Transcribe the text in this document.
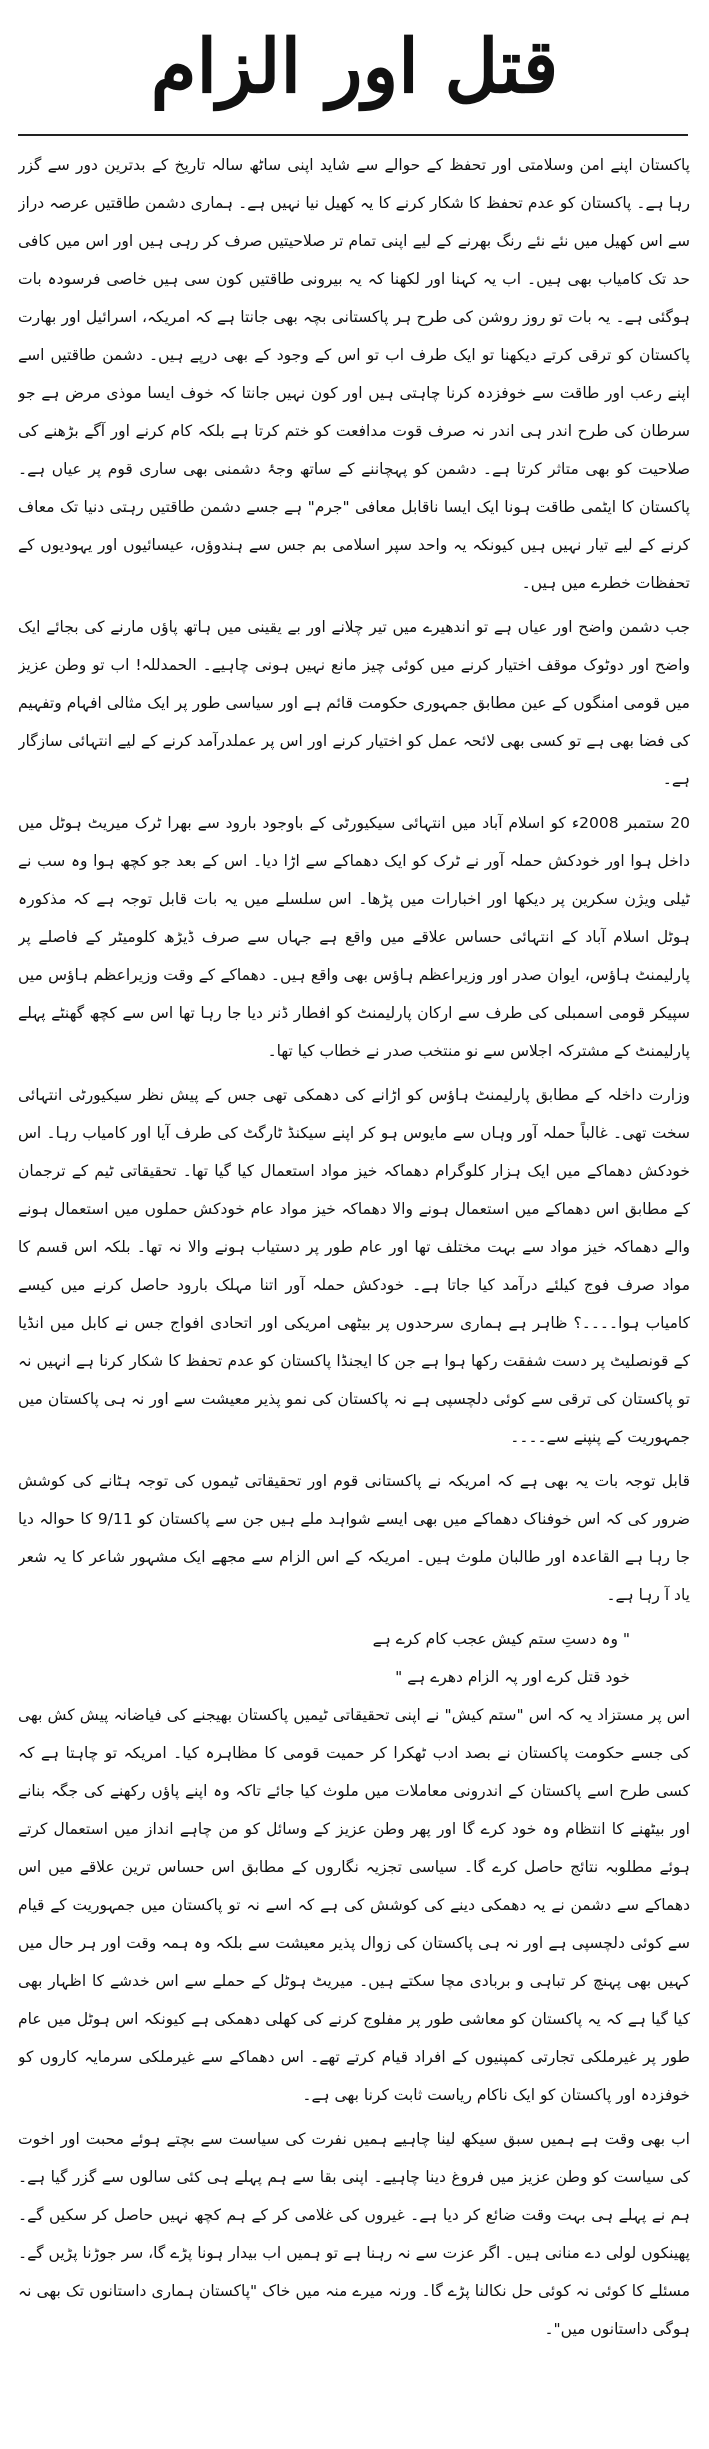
قتل اور الزام

پاکستان اپنے امن وسلامتی اور تحفظ کے حوالے سے شاید اپنی ساٹھ سالہ تاریخ کے بدترین دور سے گزر رہا ہے۔ پاکستان کو عدم تحفظ کا شکار کرنے کا یہ کھیل نیا نہیں ہے۔ ہماری دشمن طاقتیں عرصہ دراز سے اس کھیل میں نئے نئے رنگ بھرنے کے لیے اپنی تمام تر صلاحیتیں صرف کر رہی ہیں اور اس میں کافی حد تک کامیاب بھی ہیں۔ اب یہ کہنا اور لکھنا کہ یہ بیرونی طاقتیں کون سی ہیں خاصی فرسودہ بات ہوگئی ہے۔ یہ بات تو روز روشن کی طرح ہر پاکستانی بچہ بھی جانتا ہے کہ امریکہ، اسرائیل اور بھارت پاکستان کو ترقی کرتے دیکھنا تو ایک طرف اب تو اس کے وجود کے بھی درپے ہیں۔ دشمن طاقتیں اسے اپنے رعب اور طاقت سے خوفزدہ کرنا چاہتی ہیں اور کون نہیں جانتا کہ خوف ایسا موذی مرض ہے جو سرطان کی طرح اندر ہی اندر نہ صرف قوت مدافعت کو ختم کرتا ہے بلکہ کام کرنے اور آگے بڑھنے کی صلاحیت کو بھی متاثر کرتا ہے۔ دشمن کو پہچاننے کے ساتھ وجۂ دشمنی بھی ساری قوم پر عیاں ہے۔ پاکستان کا ایٹمی طاقت ہونا ایک ایسا ناقابل معافی "جرم" ہے جسے دشمن طاقتیں رہتی دنیا تک معاف کرنے کے لیے تیار نہیں ہیں کیونکہ یہ واحد سپر اسلامی بم جس سے ہندوؤں، عیسائیوں اور یہودیوں کے تحفظات خطرے میں ہیں۔

جب دشمن واضح اور عیاں ہے تو اندھیرے میں تیر چلانے اور بے یقینی میں ہاتھ پاؤں مارنے کی بجائے ایک واضح اور دوٹوک موقف اختیار کرنے میں کوئی چیز مانع نہیں ہونی چاہیے۔ الحمدللہ! اب تو وطن عزیز میں قومی امنگوں کے عین مطابق جمہوری حکومت قائم ہے اور سیاسی طور پر ایک مثالی افہام وتفہیم کی فضا بھی ہے تو کسی بھی لائحہ عمل کو اختیار کرنے اور اس پر عملدرآمد کرنے کے لیے انتہائی سازگار ہے۔

20 ستمبر 2008ء کو اسلام آباد میں انتہائی سیکیورٹی کے باوجود بارود سے بھرا ٹرک میریٹ ہوٹل میں داخل ہوا اور خودکش حملہ آور نے ٹرک کو ایک دھماکے سے اڑا دیا۔ اس کے بعد جو کچھ ہوا وہ سب نے ٹیلی ویژن سکرین پر دیکھا اور اخبارات میں پڑھا۔ اس سلسلے میں یہ بات قابل توجہ ہے کہ مذکورہ ہوٹل اسلام آباد کے انتہائی حساس علاقے میں واقع ہے جہاں سے صرف ڈیڑھ کلومیٹر کے فاصلے پر پارلیمنٹ ہاؤس، ایوان صدر اور وزیراعظم ہاؤس بھی واقع ہیں۔ دھماکے کے وقت وزیراعظم ہاؤس میں سپیکر قومی اسمبلی کی طرف سے ارکان پارلیمنٹ کو افطار ڈنر دیا جا رہا تھا اس سے کچھ گھنٹے پہلے پارلیمنٹ کے مشترکہ اجلاس سے نو منتخب صدر نے خطاب کیا تھا۔

وزارت داخلہ کے مطابق پارلیمنٹ ہاؤس کو اڑانے کی دھمکی تھی جس کے پیش نظر سیکیورٹی انتہائی سخت تھی۔ غالباً حملہ آور وہاں سے مایوس ہو کر اپنے سیکنڈ ٹارگٹ کی طرف آیا اور کامیاب رہا۔ اس خودکش دھماکے میں ایک ہزار کلوگرام دھماکہ خیز مواد استعمال کیا گیا تھا۔ تحقیقاتی ٹیم کے ترجمان کے مطابق اس دھماکے میں استعمال ہونے والا دھماکہ خیز مواد عام خودکش حملوں میں استعمال ہونے والے دھماکہ خیز مواد سے بہت مختلف تھا اور عام طور پر دستیاب ہونے والا نہ تھا۔ بلکہ اس قسم کا مواد صرف فوج کیلئے درآمد کیا جاتا ہے۔ خودکش حملہ آور اتنا مہلک بارود حاصل کرنے میں کیسے کامیاب ہوا۔۔۔۔؟ ظاہر ہے ہماری سرحدوں پر بیٹھی امریکی اور اتحادی افواج جس نے کابل میں انڈیا کے قونصلیٹ پر دست شفقت رکھا ہوا ہے جن کا ایجنڈا پاکستان کو عدم تحفظ کا شکار کرنا ہے انہیں نہ تو پاکستان کی ترقی سے کوئی دلچسپی ہے نہ پاکستان کی نمو پذیر معیشت سے اور نہ ہی پاکستان میں جمہوریت کے پنپنے سے۔۔۔۔

قابل توجہ بات یہ بھی ہے کہ امریکہ نے پاکستانی قوم اور تحقیقاتی ٹیموں کی توجہ ہٹانے کی کوشش ضرور کی کہ اس خوفناک دھماکے میں بھی ایسے شواہد ملے ہیں جن سے پاکستان کو 9/11 کا حوالہ دیا جا رہا ہے القاعدہ اور طالبان ملوث ہیں۔ امریکہ کے اس الزام سے مجھے ایک مشہور شاعر کا یہ شعر یاد آ رہا ہے۔

" وہ دستِ ستم کیش عجب کام کرے ہے

خود قتل کرے اور پہ الزام دھرے ہے "

اس پر مستزاد یہ کہ اس "ستم کیش" نے اپنی تحقیقاتی ٹیمیں پاکستان بھیجنے کی فیاضانہ پیش کش بھی کی جسے حکومت پاکستان نے بصد ادب ٹھکرا کر حمیت قومی کا مظاہرہ کیا۔ امریکہ تو چاہتا ہے کہ کسی طرح اسے پاکستان کے اندرونی معاملات میں ملوث کیا جائے تاکہ وہ اپنے پاؤں رکھنے کی جگہ بنانے اور بیٹھنے کا انتظام وہ خود کرے گا اور پھر وطن عزیز کے وسائل کو من چاہے انداز میں استعمال کرتے ہوئے مطلوبہ نتائج حاصل کرے گا۔ سیاسی تجزیہ نگاروں کے مطابق اس حساس ترین علاقے میں اس دھماکے سے دشمن نے یہ دھمکی دینے کی کوشش کی ہے کہ اسے نہ تو پاکستان میں جمہوریت کے قیام سے کوئی دلچسپی ہے اور نہ ہی پاکستان کی زوال پذیر معیشت سے بلکہ وہ ہمہ وقت اور ہر حال میں کہیں بھی پہنچ کر تباہی و بربادی مچا سکتے ہیں۔ میریٹ ہوٹل کے حملے سے اس خدشے کا اظہار بھی کیا گیا ہے کہ یہ پاکستان کو معاشی طور پر مفلوج کرنے کی کھلی دھمکی ہے کیونکہ اس ہوٹل میں عام طور پر غیرملکی تجارتی کمپنیوں کے افراد قیام کرتے تھے۔ اس دھماکے سے غیرملکی سرمایہ کاروں کو خوفزدہ اور پاکستان کو ایک ناکام ریاست ثابت کرنا بھی ہے۔

اب بھی وقت ہے ہمیں سبق سیکھ لینا چاہیے ہمیں نفرت کی سیاست سے بچتے ہوئے محبت اور اخوت کی سیاست کو وطن عزیز میں فروغ دینا چاہیے۔ اپنی بقا سے ہم پہلے ہی کئی سالوں سے گزر گیا ہے۔ ہم نے پہلے ہی بہت وقت ضائع کر دیا ہے۔ غیروں کی غلامی کر کے ہم کچھ نہیں حاصل کر سکیں گے۔ پھینکوں لولی دے منانی ہیں۔ اگر عزت سے نہ رہنا ہے تو ہمیں اب بیدار ہونا پڑے گا، سر جوڑنا پڑیں گے۔ مسئلے کا کوئی نہ کوئی حل نکالنا پڑے گا۔ ورنہ میرے منہ میں خاک "پاکستان ہماری داستانوں تک بھی نہ ہوگی داستانوں میں"۔
